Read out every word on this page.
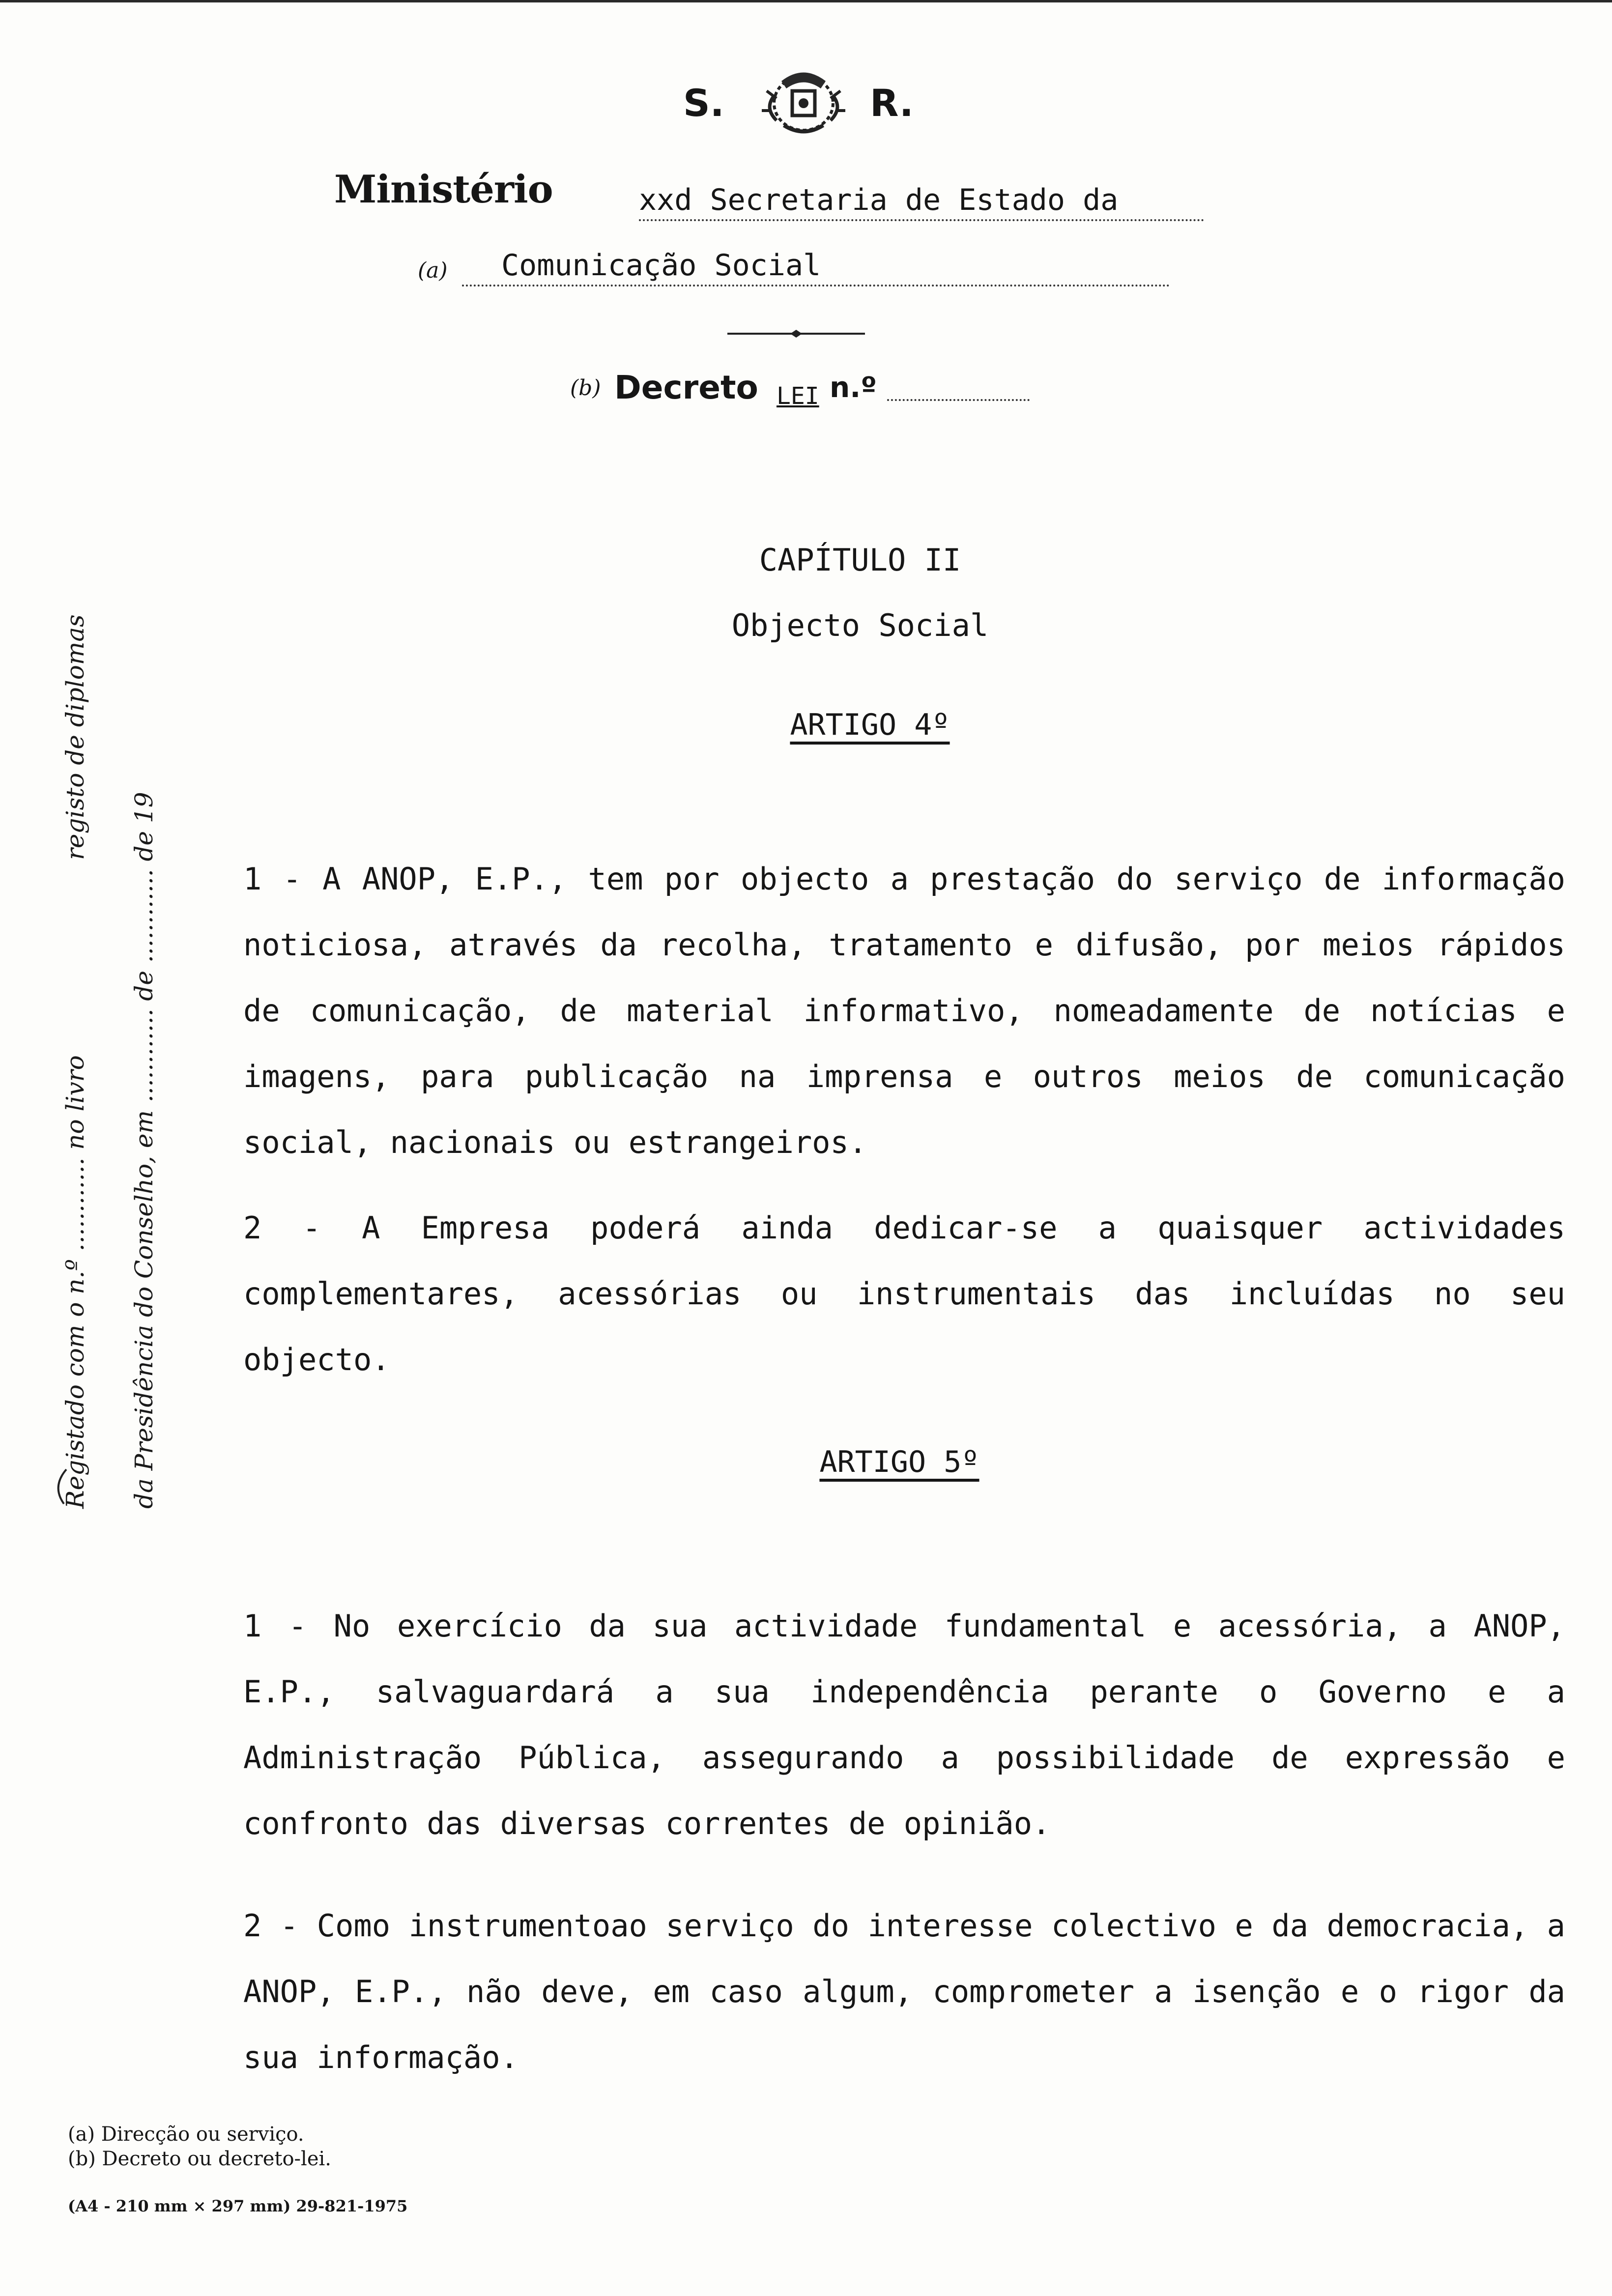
S.	R.
Ministério	xxd Secretaria de Estado da
(a)	Comunicação Social
(b) Decreto LEI n.º
Registado com o n.º ............ no livro
registo de diplomas
da Presidência do Conselho, em ............ de ............ de 19
CAPÍTULO II
Objecto Social
ARTIGO 4º

1 - A ANOP, E.P., tem por objecto a prestação do serviço de informação noticiosa, através da recolha, tratamento e difusão, por meios rápidos de comunicação, de material informativo, nomeadamente de notícias e imagens, para publicação na imprensa e outros meios de comunicação social, nacionais ou estrangeiros.

2 - A Empresa poderá ainda dedicar-se a quaisquer actividades complementares, acessórias ou instrumentais das incluídas no seu objecto.

ARTIGO 5º

1 - No exercício da sua actividade fundamental e acessória, a ANOP, E.P., salvaguardará a sua independência perante o Governo e a Administração Pública, assegurando a possibilidade de expressão e confronto das diversas correntes de opinião.

2 - Como instrumentoao serviço do interesse colectivo e da democracia, a ANOP, E.P., não deve, em caso algum, comprometer a isenção e o rigor da sua informação.

(a) Direcção ou serviço.
(b) Decreto ou decreto-lei.
(A4 - 210 mm × 297 mm) 29-821-1975
